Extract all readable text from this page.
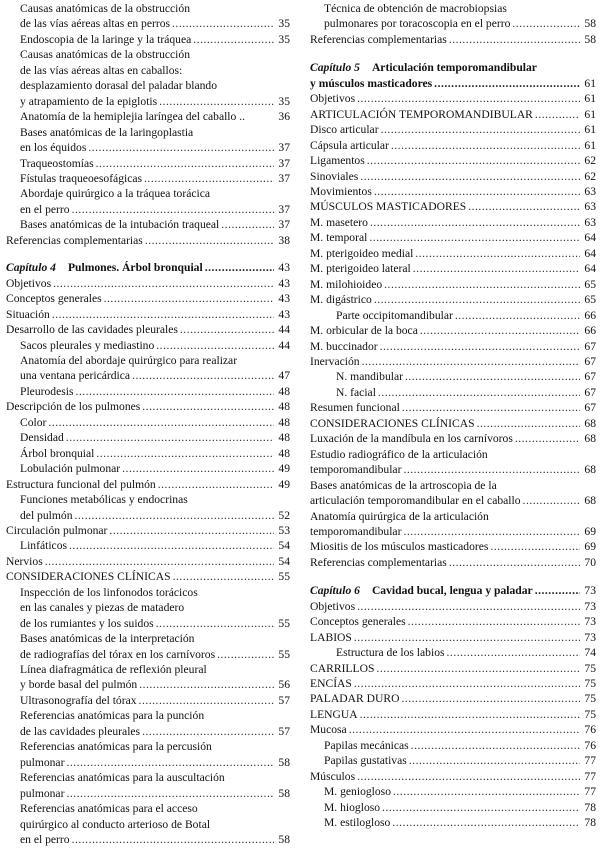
Causas anatómicas de la obstrucción
de las vías aéreas altas en perros .....	35
Endoscopia de la laringe y la tráquea .....	35
Causas anatómicas de la obstrucción
de las vías aéreas altas en caballos:
desplazamiento dorasal del paladar blando
y atrapamiento de la epiglotis .....	35
Anatomía de la hemiplejia laríngea del caballo ..	36
Bases anatómicas de la laringoplastia
en los équidos .....	37
Traqueostomías .....	37
Fístulas traqueoesofágicas .....	37
Abordaje quirúrgico a la tráquea torácica
en el perro .....	37
Bases anatómicas de la intubación traqueal .....	37
Referencias complementarias .....	38
Capítulo 4 Pulmones. Árbol bronquial .....	43
Objetivos .....	43
Conceptos generales .....	43
Situación .....	43
Desarrollo de las cavidades pleurales .....	44
Sacos pleurales y mediastino .....	44
Anatomía del abordaje quirúrgico para realizar
una ventana pericárdica .....	47
Pleurodesis .....	48
Descripción de los pulmones .....	48
Color .....	48
Densidad .....	48
Árbol bronquial .....	48
Lobulación pulmonar .....	49
Estructura funcional del pulmón .....	49
Funciones metabólicas y endocrinas
del pulmón .....	52
Circulación pulmonar .....	53
Linfáticos .....	54
Nervios .....	54
CONSIDERACIONES CLÍNICAS .....	55
Inspección de los linfonodos torácicos
en las canales y piezas de matadero
de los rumiantes y los suidos .....	55
Bases anatómicas de la interpretación
de radiografías del tórax en los carnívoros .....	55
Línea diafragmática de reflexión pleural
y borde basal del pulmón .....	56
Ultrasonografía del tórax .....	57
Referencias anatómicas para la punción
de las cavidades pleurales .....	57
Referencias anatómicas para la percusión
pulmonar .....	58
Referencias anatómicas para la auscultación
pulmonar .....	58
Referencias anatómicas para el acceso
quirúrgico al conducto arterioso de Botal
en el perro .....	58
Técnica de obtención de macrobiopsias
pulmonares por toracoscopia en el perro .....	58
Referencias complementarias .....	58
Capítulo 5 Articulación temporomandibular
y músculos masticadores .....	61
Objetivos .....	61
ARTICULACIÓN TEMPOROMANDIBULAR .....	61
Disco articular .....	61
Cápsula articular .....	61
Ligamentos .....	62
Sinoviales .....	62
Movimientos .....	63
MÚSCULOS MASTICADORES .....	63
M. masetero .....	63
M. temporal .....	64
M. pterigoideo medial .....	64
M. pterigoideo lateral .....	64
M. milohioideo .....	65
M. digástrico .....	65
Parte occipitomandibular .....	66
M. orbicular de la boca .....	66
M. buccinador .....	67
Inervación .....	67
N. mandibular .....	67
N. facial .....	67
Resumen funcional .....	67
CONSIDERACIONES CLÍNICAS .....	68
Luxación de la mandíbula en los carnívoros .....	68
Estudio radiográfico de la articulación
temporomandibular .....	68
Bases anatómicas de la artroscopia de la
articulación temporomandibular en el caballo .....	68
Anatomía quirúrgica de la articulación
temporomandibular .....	69
Miositis de los músculos masticadores .....	69
Referencias complementarias .....	70
Capítulo 6 Cavidad bucal, lengua y paladar .....	73
Objetivos .....	73
Conceptos generales .....	73
LABIOS .....	73
Estructura de los labios .....	74
CARRILLOS .....	75
ENCÍAS .....	75
PALADAR DURO .....	75
LENGUA .....	75
Mucosa .....	76
Papilas mecánicas .....	76
Papilas gustativas .....	77
Músculos .....	77
M. geniogloso .....	77
M. hiogloso .....	78
M. estilogloso .....	78
